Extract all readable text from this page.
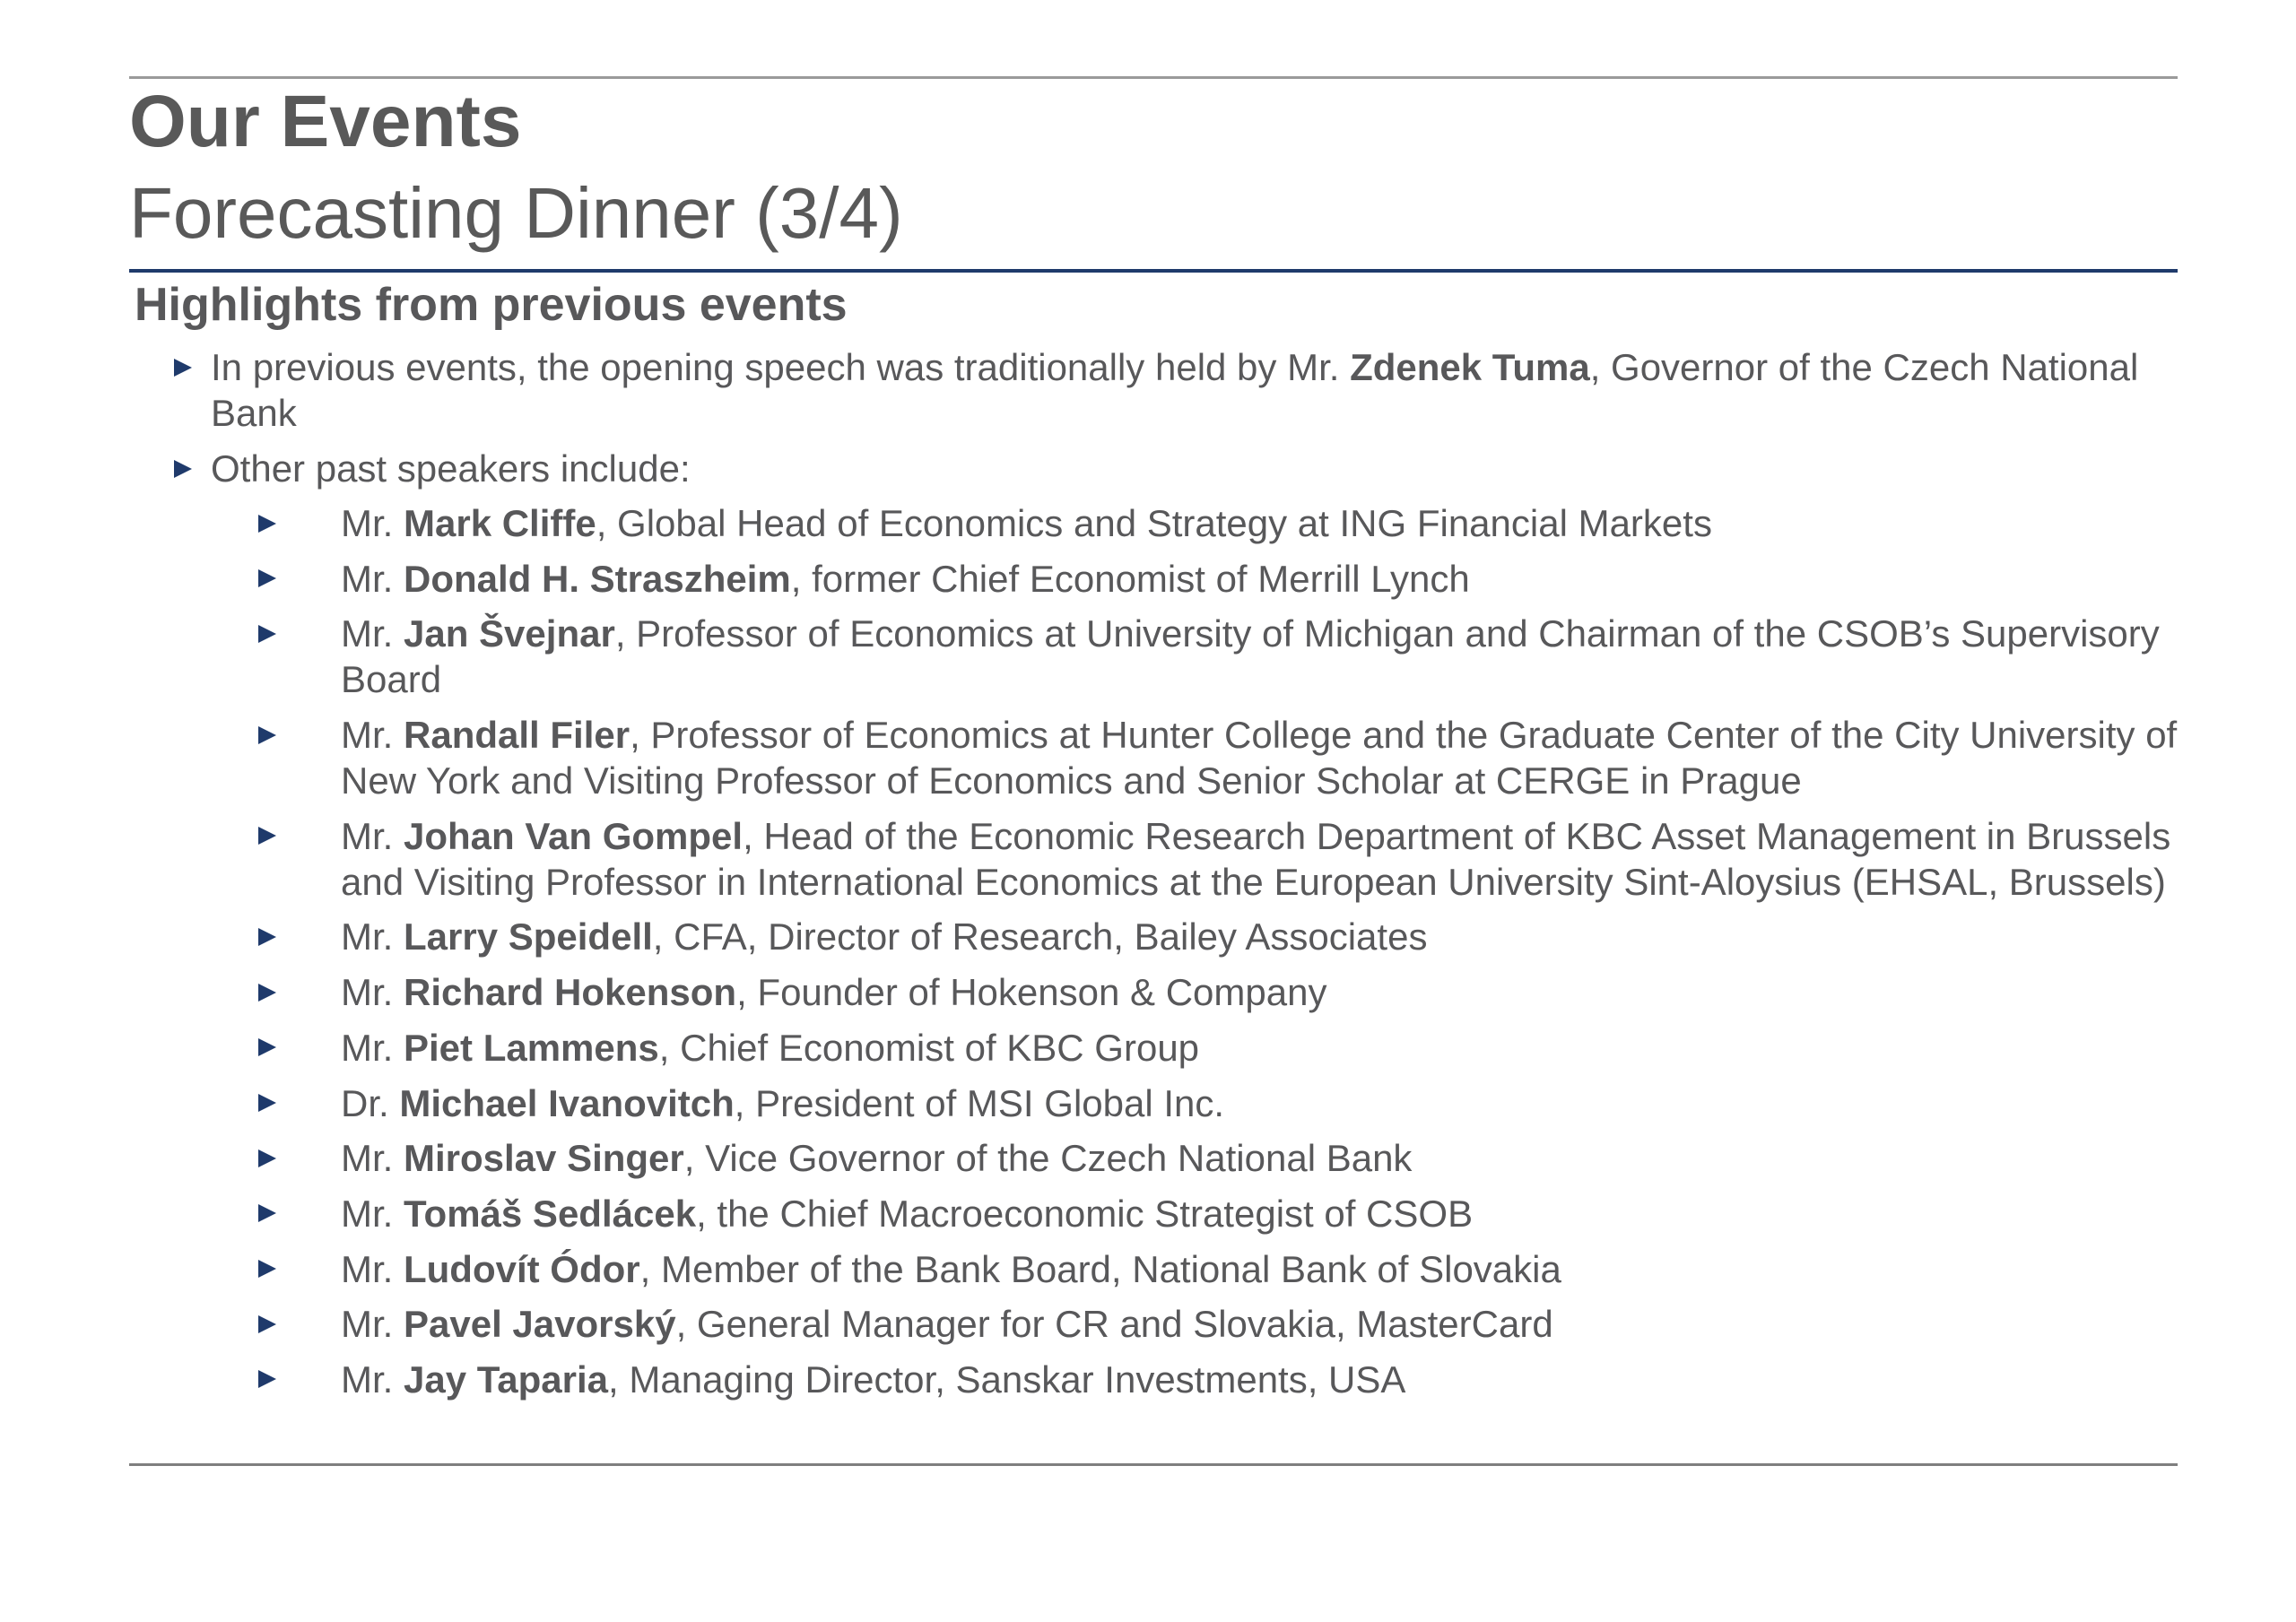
Our Events
Forecasting Dinner (3/4)
Highlights from previous events
In previous events, the opening speech was traditionally held by Mr. Zdenek Tuma, Governor of the Czech National Bank
Other past speakers include:
Mr. Mark Cliffe, Global Head of Economics and Strategy at ING Financial Markets
Mr. Donald H. Straszheim, former Chief Economist of Merrill Lynch
Mr. Jan Švejnar, Professor of Economics at University of Michigan and Chairman of the CSOB’s Supervisory Board
Mr. Randall Filer, Professor of Economics at Hunter College and the Graduate Center of the City University of New York and Visiting Professor of Economics and Senior Scholar at CERGE in Prague
Mr. Johan Van Gompel, Head of the Economic Research Department of KBC Asset Management in Brussels and Visiting Professor in International Economics at the European University Sint-Aloysius (EHSAL, Brussels)
Mr. Larry Speidell, CFA, Director of Research, Bailey Associates
Mr. Richard Hokenson, Founder of Hokenson & Company
Mr. Piet Lammens, Chief Economist of KBC Group
Dr. Michael Ivanovitch, President of MSI Global Inc.
Mr. Miroslav Singer, Vice Governor of the Czech National Bank
Mr. Tomáš Sedlácek, the Chief Macroeconomic Strategist of CSOB
Mr. Ludovít Ódor, Member of the Bank Board, National Bank of Slovakia
Mr. Pavel Javorský, General Manager for CR and Slovakia, MasterCard
Mr. Jay Taparia, Managing Director, Sanskar Investments, USA
